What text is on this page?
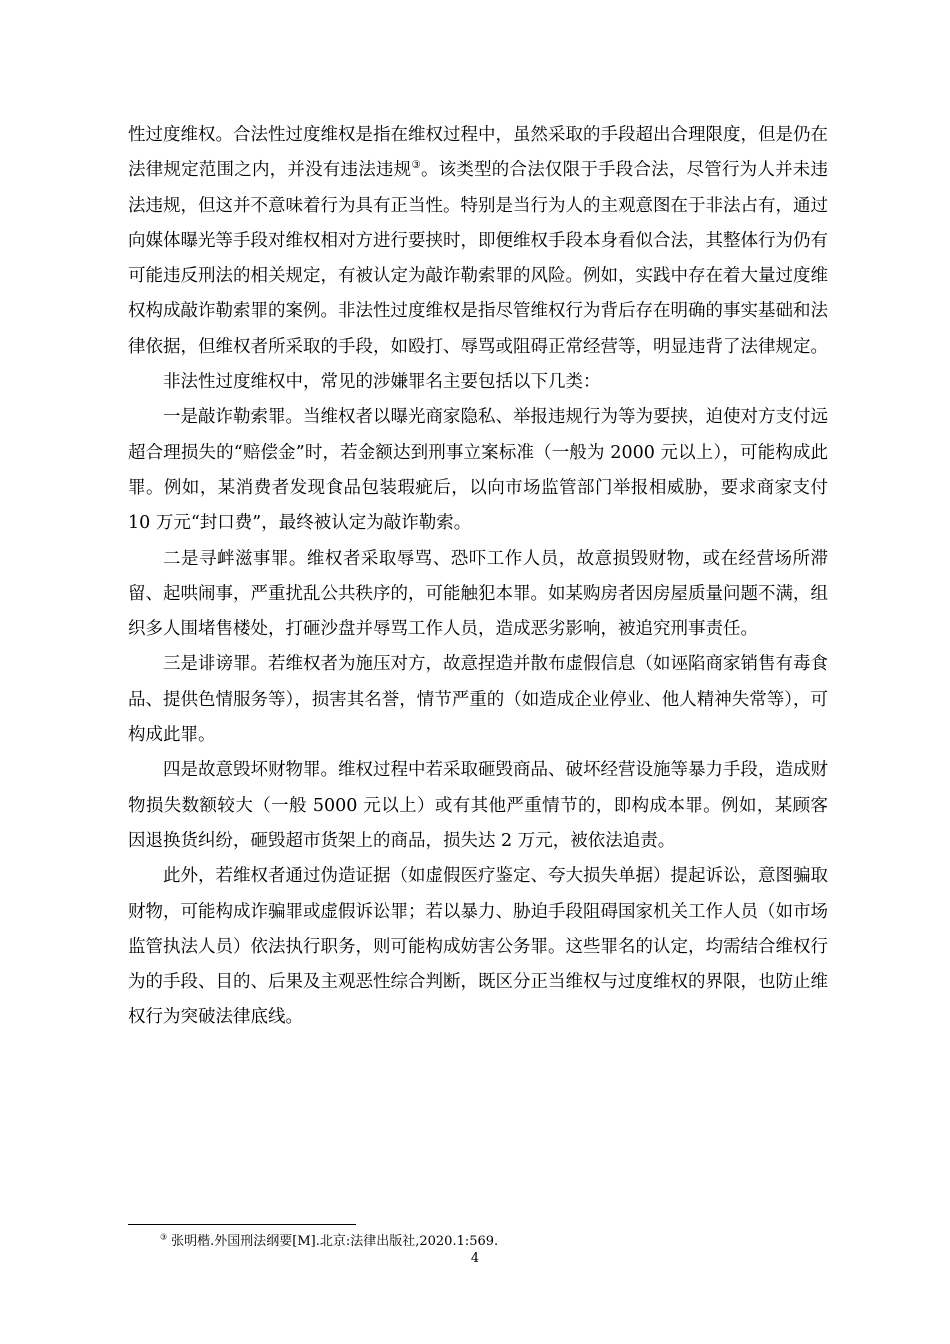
性过度维权。合法性过度维权是指在维权过程中，虽然采取的手段超出合理限度，但是仍在法律规定范围之内，并没有违法违规③。该类型的合法仅限于手段合法，尽管行为人并未违法违规，但这并不意味着行为具有正当性。特别是当行为人的主观意图在于非法占有，通过向媒体曝光等手段对维权相对方进行要挟时，即便维权手段本身看似合法，其整体行为仍有可能违反刑法的相关规定，有被认定为敲诈勒索罪的风险。例如，实践中存在着大量过度维权构成敲诈勒索罪的案例。非法性过度维权是指尽管维权行为背后存在明确的事实基础和法律依据，但维权者所采取的手段，如殴打、辱骂或阻碍正常经营等，明显违背了法律规定。

非法性过度维权中，常见的涉嫌罪名主要包括以下几类：

一是敲诈勒索罪。当维权者以曝光商家隐私、举报违规行为等为要挟，迫使对方支付远超合理损失的“赔偿金”时，若金额达到刑事立案标准（一般为 2000 元以上），可能构成此罪。例如，某消费者发现食品包装瑕疵后，以向市场监管部门举报相威胁，要求商家支付 10 万元“封口费”，最终被认定为敲诈勒索。

二是寻衅滋事罪。维权者采取辱骂、恐吓工作人员，故意损毁财物，或在经营场所滞留、起哄闹事，严重扰乱公共秩序的，可能触犯本罪。如某购房者因房屋质量问题不满，组织多人围堵售楼处，打砸沙盘并辱骂工作人员，造成恶劣影响，被追究刑事责任。

三是诽谤罪。若维权者为施压对方，故意捏造并散布虚假信息（如诬陷商家销售有毒食品、提供色情服务等），损害其名誉，情节严重的（如造成企业停业、他人精神失常等），可构成此罪。

四是故意毁坏财物罪。维权过程中若采取砸毁商品、破坏经营设施等暴力手段，造成财物损失数额较大（一般 5000 元以上）或有其他严重情节的，即构成本罪。例如，某顾客因退换货纠纷，砸毁超市货架上的商品，损失达 2 万元，被依法追责。

此外，若维权者通过伪造证据（如虚假医疗鉴定、夸大损失单据）提起诉讼，意图骗取财物，可能构成诈骗罪或虚假诉讼罪；若以暴力、胁迫手段阻碍国家机关工作人员（如市场监管执法人员）依法执行职务，则可能构成妨害公务罪。这些罪名的认定，均需结合维权行为的手段、目的、后果及主观恶性综合判断，既区分正当维权与过度维权的界限，也防止维权行为突破法律底线。

③ 张明楷.外国刑法纲要[M].北京:法律出版社,2020.1:569.
4
